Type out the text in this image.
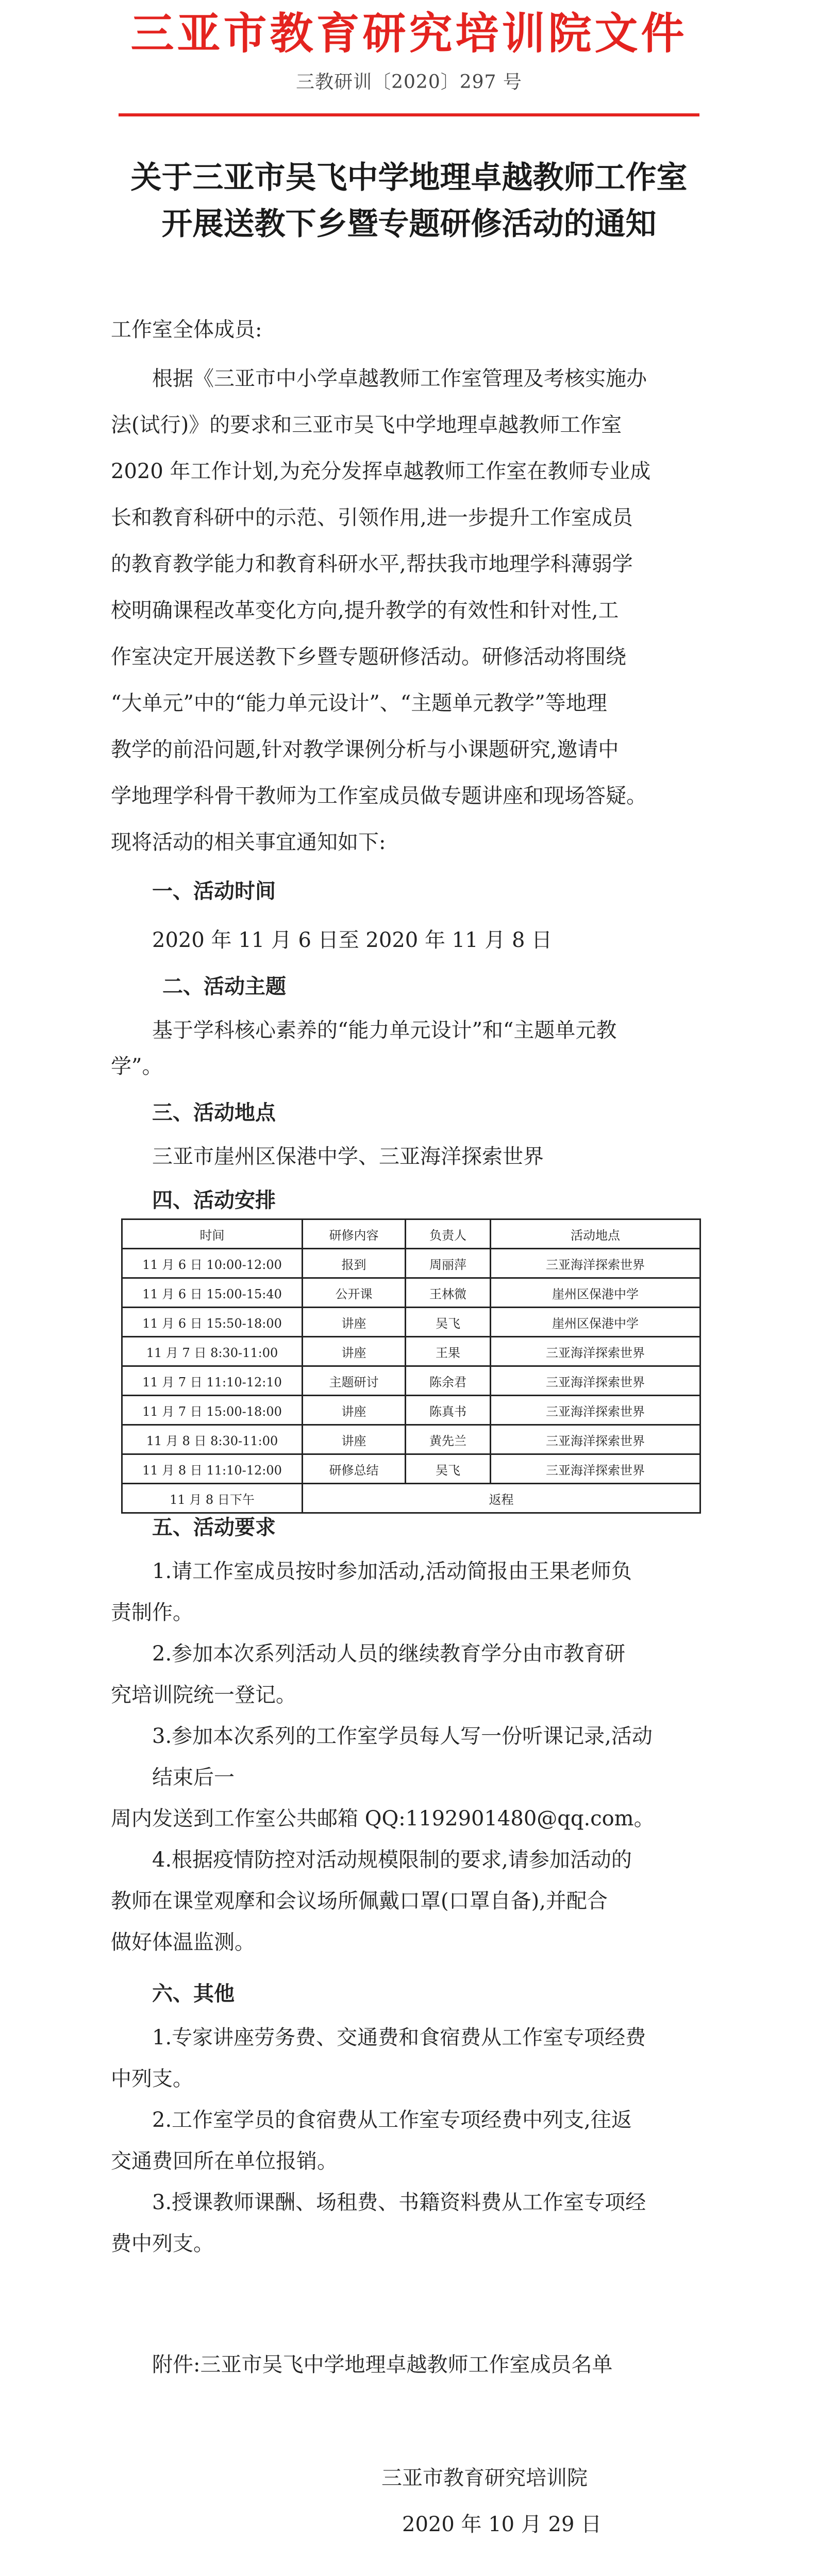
三亚市教育研究培训院文件
三教研训〔2020〕297 号
关于三亚市吴飞中学地理卓越教师工作室
开展送教下乡暨专题研修活动的通知
工作室全体成员:
根据《三亚市中小学卓越教师工作室管理及考核实施办
法(试行)》的要求和三亚市吴飞中学地理卓越教师工作室
2020 年工作计划,为充分发挥卓越教师工作室在教师专业成
长和教育科研中的示范、引领作用,进一步提升工作室成员
的教育教学能力和教育科研水平,帮扶我市地理学科薄弱学
校明确课程改革变化方向,提升教学的有效性和针对性,工
作室决定开展送教下乡暨专题研修活动。研修活动将围绕
“大单元”中的“能力单元设计”、“主题单元教学”等地理
教学的前沿问题,针对教学课例分析与小课题研究,邀请中
学地理学科骨干教师为工作室成员做专题讲座和现场答疑。
现将活动的相关事宜通知如下:
一、活动时间
2020 年 11 月 6 日至 2020 年 11 月 8 日
二、活动主题
基于学科核心素养的“能力单元设计”和“主题单元教
学”。
三、活动地点
三亚市崖州区保港中学、三亚海洋探索世界
四、活动安排
时间	研修内容	负责人	活动地点
11 月 6 日 10:00-12:00	报到	周丽萍	三亚海洋探索世界
11 月 6 日 15:00-15:40	公开课	王林微	崖州区保港中学
11 月 6 日 15:50-18:00	讲座	吴飞	崖州区保港中学
11 月 7 日 8:30-11:00	讲座	王果	三亚海洋探索世界
11 月 7 日 11:10-12:10	主题研讨	陈余君	三亚海洋探索世界
11 月 7 日 15:00-18:00	讲座	陈真书	三亚海洋探索世界
11 月 8 日 8:30-11:00	讲座	黄先兰	三亚海洋探索世界
11 月 8 日 11:10-12:00	研修总结	吴飞	三亚海洋探索世界
11 月 8 日下午	返程		
五、活动要求
1.请工作室成员按时参加活动,活动简报由王果老师负
责制作。
2.参加本次系列活动人员的继续教育学分由市教育研
究培训院统一登记。
3.参加本次系列的工作室学员每人写一份听课记录,活动
结束后一
周内发送到工作室公共邮箱 QQ:1192901480@qq.com。
4.根据疫情防控对活动规模限制的要求,请参加活动的
教师在课堂观摩和会议场所佩戴口罩(口罩自备),并配合
做好体温监测。
六、其他
1.专家讲座劳务费、交通费和食宿费从工作室专项经费
中列支。
2.工作室学员的食宿费从工作室专项经费中列支,往返
交通费回所在单位报销。
3.授课教师课酬、场租费、书籍资料费从工作室专项经
费中列支。
附件:三亚市吴飞中学地理卓越教师工作室成员名单
三亚市教育研究培训院
2020 年 10 月 29 日
